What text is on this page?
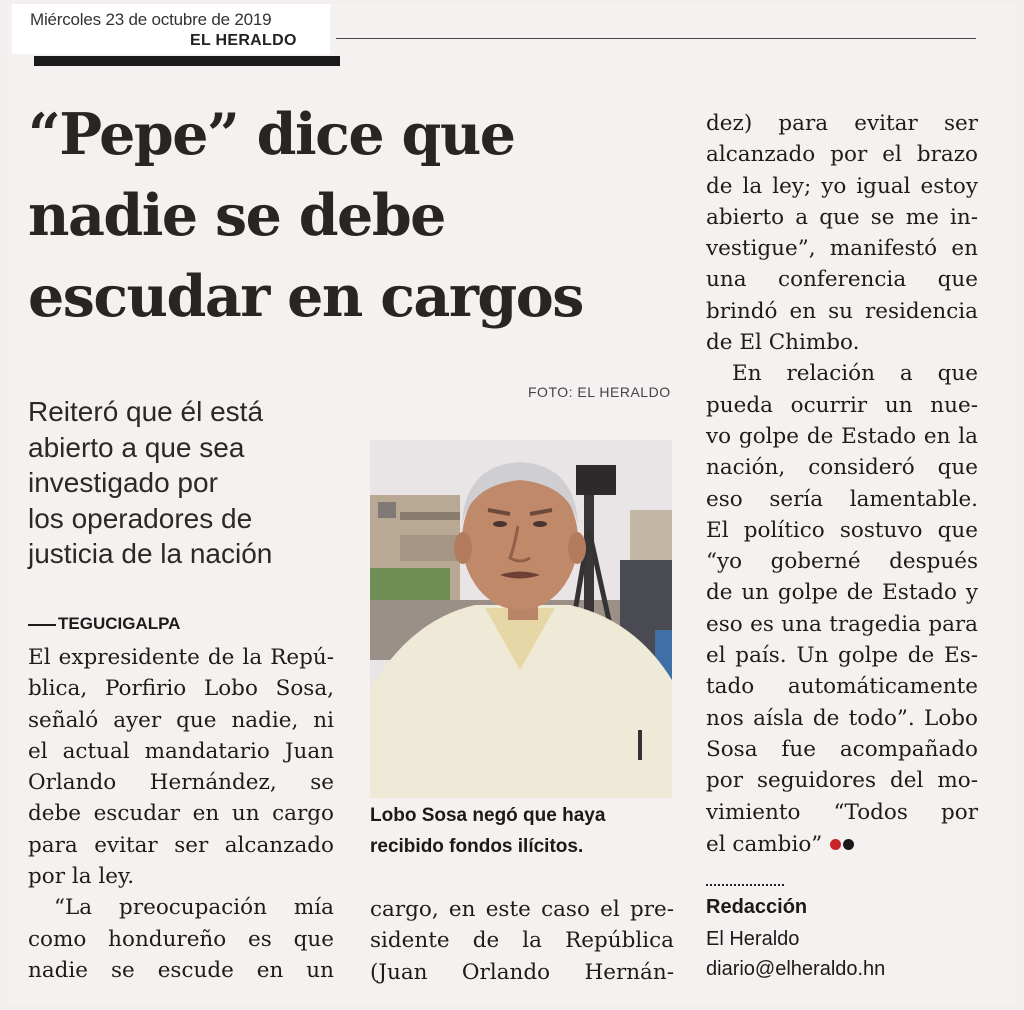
Miércoles 23 de octubre de 2019
EL HERALDO
“Pepe” dice que
nadie se debe
escudar en cargos
FOTO: EL HERALDO
Reiteró que él está
abierto a que sea
investigado por
los operadores de
justicia de la nación
TEGUCIGALPA
El expresidente de la Repú-
blica, Porfirio Lobo Sosa,
señaló ayer que nadie, ni
el actual mandatario Juan
Orlando Hernández, se
debe escudar en un cargo
para evitar ser alcanzado
por la ley.
“La preocupación mía
como hondureño es que
nadie se escude en un
Lobo Sosa negó que haya
recibido fondos ilícitos.
cargo, en este caso el pre-
sidente de la República
(Juan Orlando Hernán-
dez) para evitar ser
alcanzado por el brazo
de la ley; yo igual estoy
abierto a que se me in-
vestigue”, manifestó en
una conferencia que
brindó en su residencia
de El Chimbo.
En relación a que
pueda ocurrir un nue-
vo golpe de Estado en la
nación, consideró que
eso sería lamentable.
El político sostuvo que
“yo goberné después
de un golpe de Estado y
eso es una tragedia para
el país. Un golpe de Es-
tado automáticamente
nos aísla de todo”. Lobo
Sosa fue acompañado
por seguidores del mo-
vimiento “Todos por
el cambio”
Redacción
El Heraldo
diario@elheraldo.hn
